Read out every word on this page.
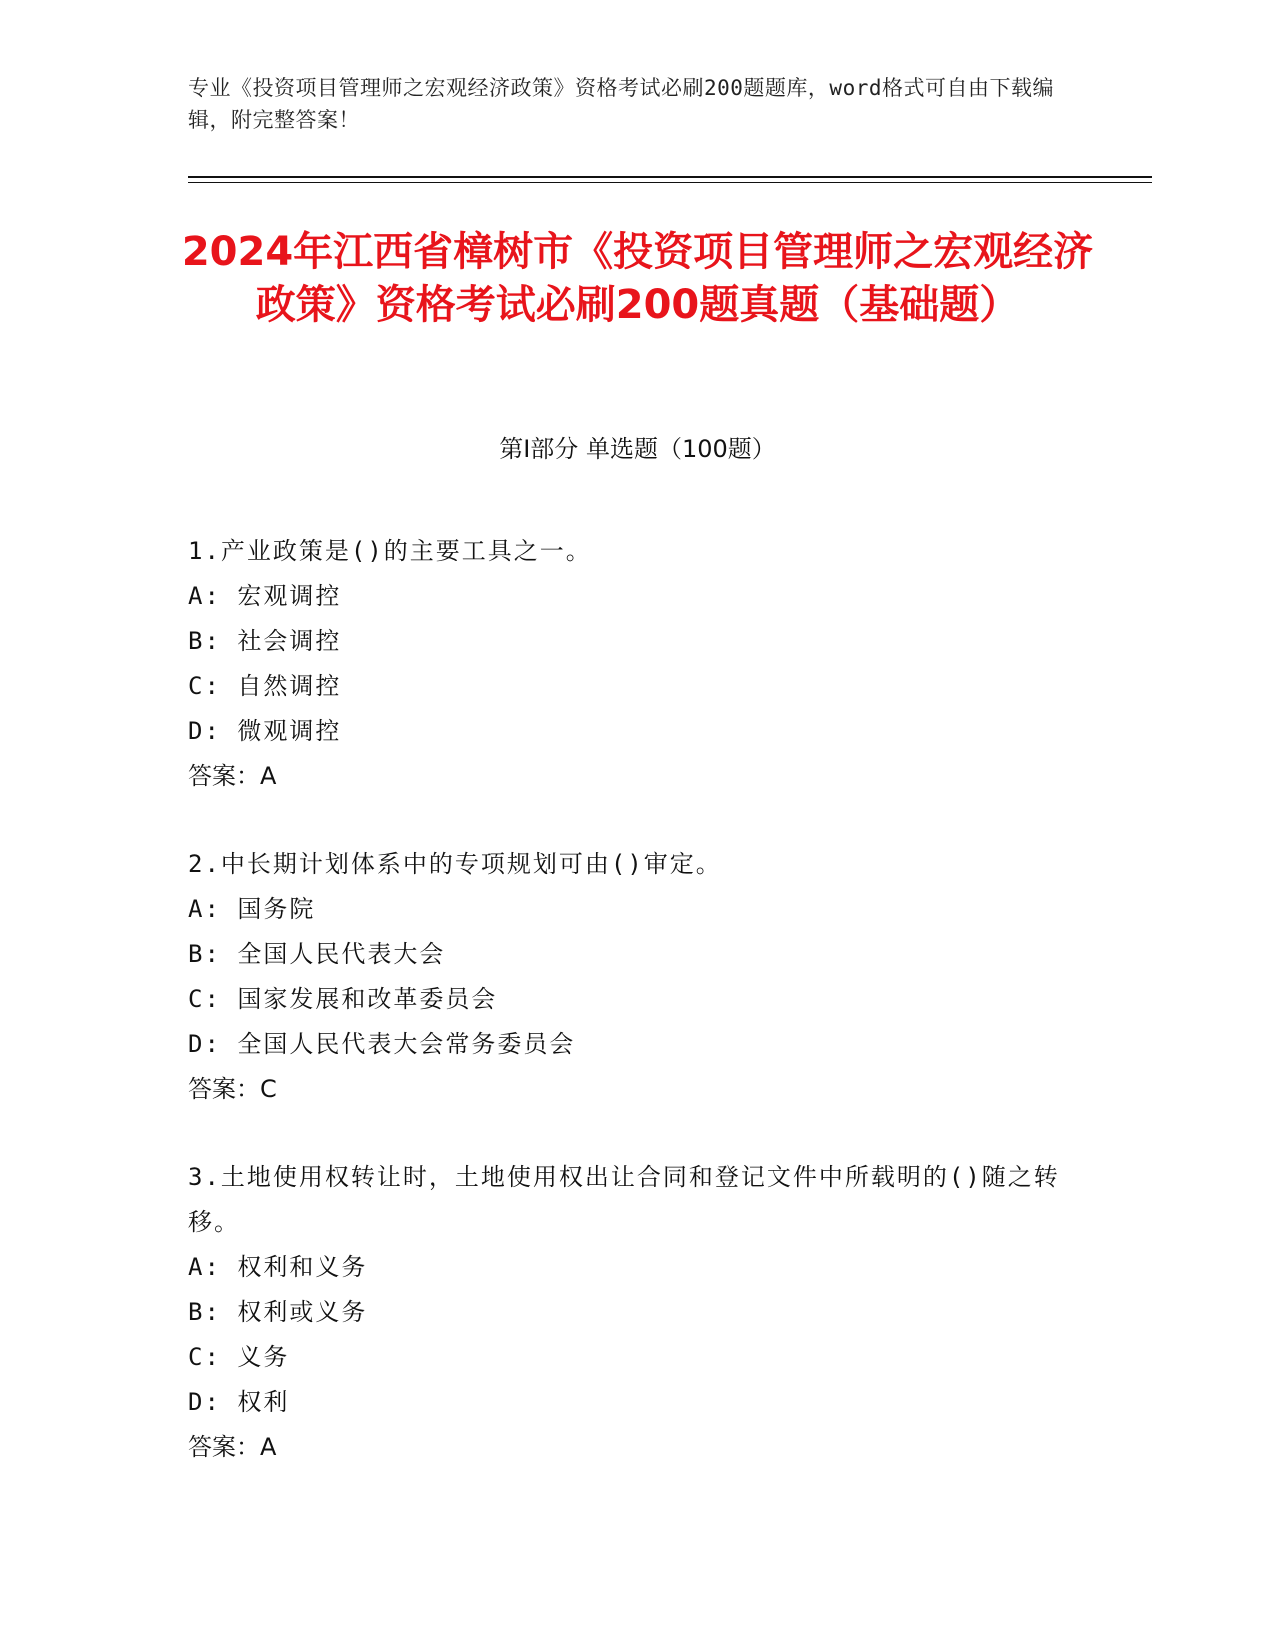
专业《投资项目管理师之宏观经济政策》资格考试必刷200题题库，word格式可自由下载编辑，附完整答案！
2024年江西省樟树市《投资项目管理师之宏观经济政策》资格考试必刷200题真题（基础题）
第Ⅰ部分 单选题（100题）
1.产业政策是()的主要工具之一。
A: 宏观调控
B: 社会调控
C: 自然调控
D: 微观调控
答案：A
2.中长期计划体系中的专项规划可由()审定。
A: 国务院
B: 全国人民代表大会
C: 国家发展和改革委员会
D: 全国人民代表大会常务委员会
答案：C
3.土地使用权转让时，土地使用权出让合同和登记文件中所载明的()随之转移。
A: 权利和义务
B: 权利或义务
C: 义务
D: 权利
答案：A
